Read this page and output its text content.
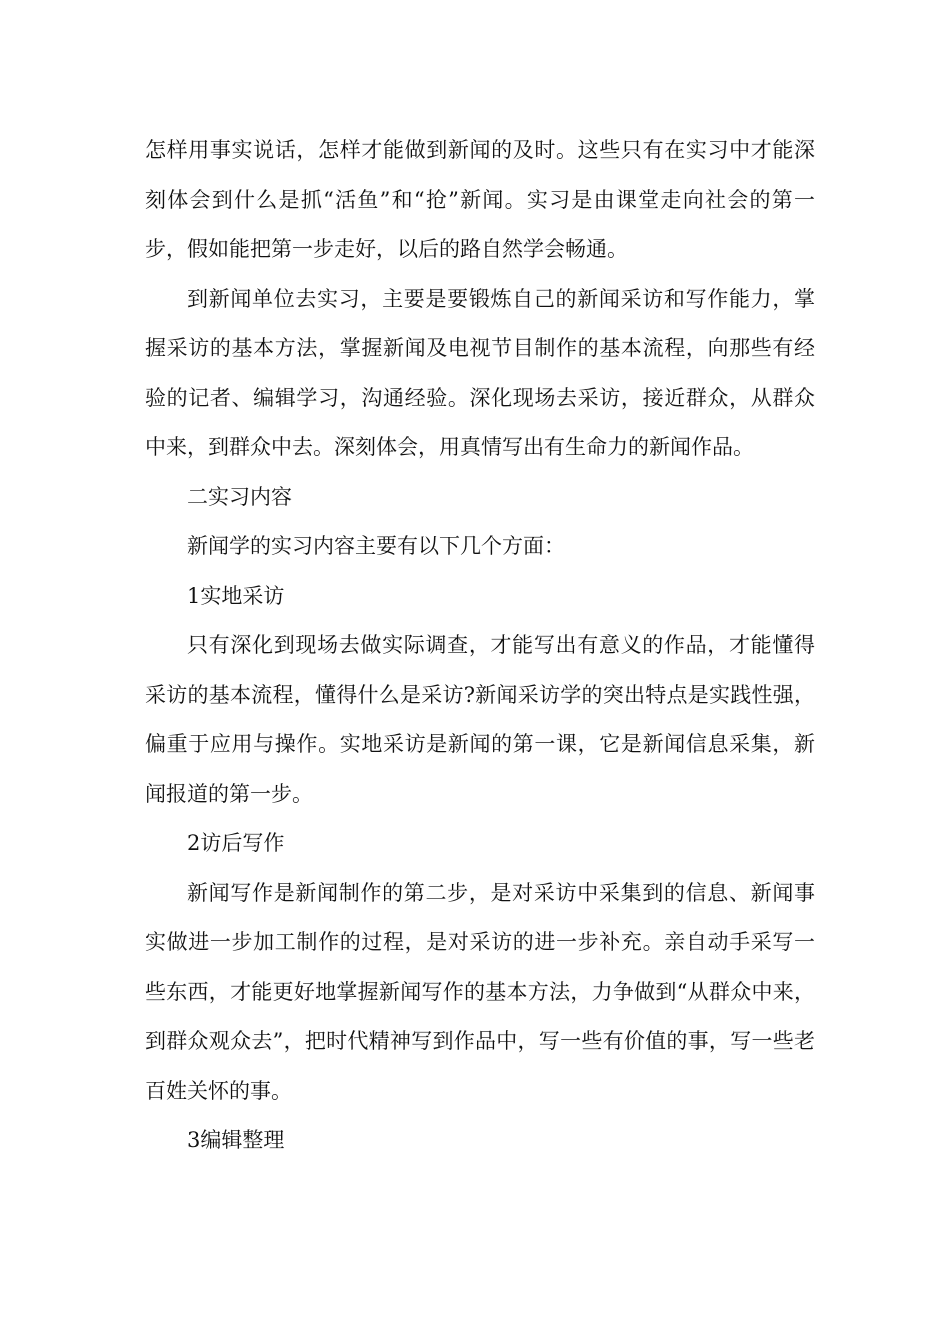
怎样用事实说话，怎样才能做到新闻的及时。这些只有在实习中才能深刻体会到什么是抓“活鱼”和“抢”新闻。实习是由课堂走向社会的第一步，假如能把第一步走好，以后的路自然学会畅通。

到新闻单位去实习，主要是要锻炼自己的新闻采访和写作能力，掌握采访的基本方法，掌握新闻及电视节目制作的基本流程，向那些有经验的记者、编辑学习，沟通经验。深化现场去采访，接近群众，从群众中来，到群众中去。深刻体会，用真情写出有生命力的新闻作品。

二实习内容

新闻学的实习内容主要有以下几个方面：

1实地采访

只有深化到现场去做实际调查，才能写出有意义的作品，才能懂得采访的基本流程，懂得什么是采访?新闻采访学的突出特点是实践性强，偏重于应用与操作。实地采访是新闻的第一课，它是新闻信息采集，新闻报道的第一步。

2访后写作

新闻写作是新闻制作的第二步，是对采访中采集到的信息、新闻事实做进一步加工制作的过程，是对采访的进一步补充。亲自动手采写一些东西，才能更好地掌握新闻写作的基本方法，力争做到“从群众中来，到群众观众去”，把时代精神写到作品中，写一些有价值的事，写一些老百姓关怀的事。

3编辑整理
